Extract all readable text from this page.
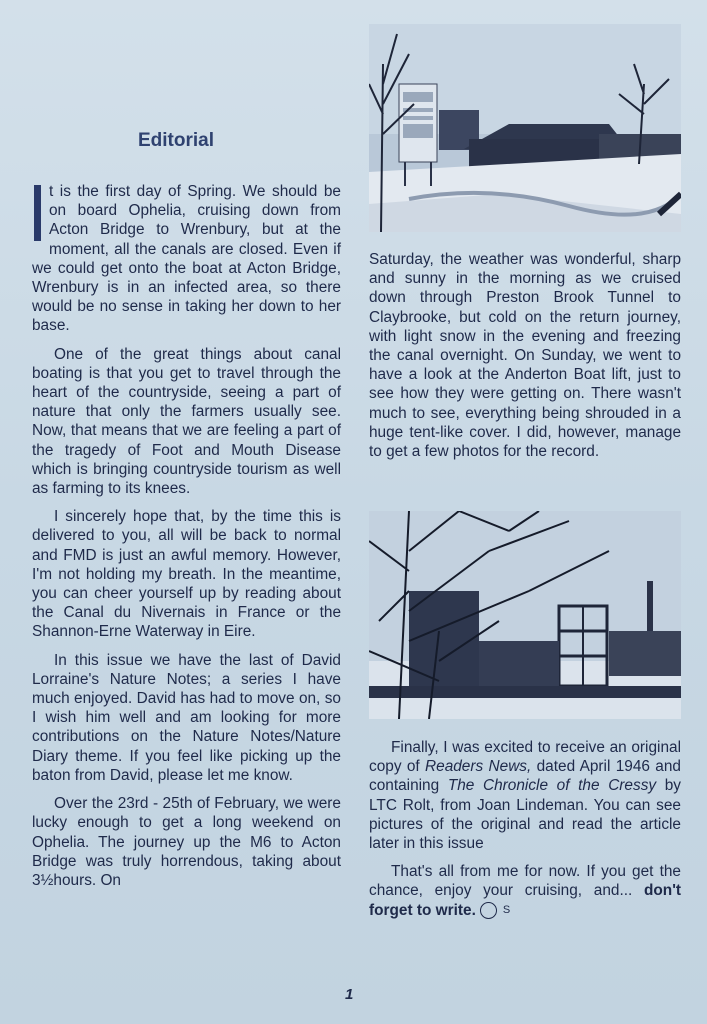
Editorial

t is the first day of Spring. We should be on board Ophelia, cruising down from Acton Bridge to Wrenbury, but at the moment, all the canals are closed. Even if we could get onto the boat at Acton Bridge, Wrenbury is in an infected area, so there would be no sense in taking her down to her base.

One of the great things about canal boating is that you get to travel through the heart of the countryside, seeing a part of nature that only the farmers usually see. Now, that means that we are feeling a part of the tragedy of Foot and Mouth Disease which is bringing countryside tourism as well as farming to its knees.

I sincerely hope that, by the time this is delivered to you, all will be back to normal and FMD is just an awful memory. However, I'm not holding my breath. In the meantime, you can cheer yourself up by reading about the Canal du Nivernais in France or the Shannon-Erne Waterway in Eire.

In this issue we have the last of David Lorraine's Nature Notes; a series I have much enjoyed. David has had to move on, so I wish him well and am looking for more contributions on the Nature Notes/Nature Diary theme. If you feel like picking up the baton from David, please let me know.

Over the 23rd - 25th of February, we were lucky enough to get a long weekend on Ophelia. The journey up the M6 to Acton Bridge was truly horrendous, taking about 3½hours. On

Saturday, the weather was wonderful, sharp and sunny in the morning as we cruised down through Preston Brook Tunnel to Claybrooke, but cold on the return journey, with light snow in the evening and freezing the canal overnight. On Sunday, we went to have a look at the Anderton Boat lift, just to see how they were getting on. There wasn't much to see, everything being shrouded in a huge tent-like cover. I did, however, manage to get a few photos for the record.

Finally, I was excited to receive an original copy of Readers News, dated April 1946 and containing The Chronicle of the Cressy by LTC Rolt, from Joan Lindeman. You can see pictures of the original and read the article later in this issue

That's all from me for now. If you get the chance, enjoy your cruising, and... don't forget to write. S

1
